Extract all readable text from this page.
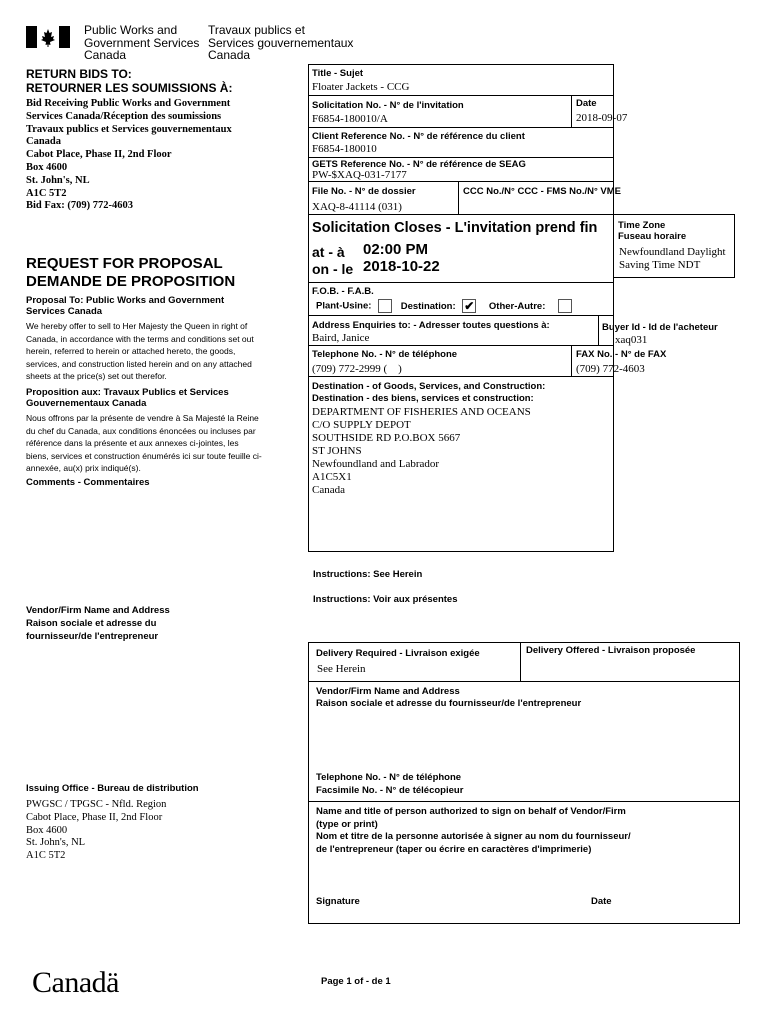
Public Works and
Government Services
Canada
Travaux publics et
Services gouvernementaux
Canada
RETURN BIDS TO:
RETOURNER LES SOUMISSIONS À:
Bid Receiving Public Works and Government
Services Canada/Réception des soumissions
Travaux publics et Services gouvernementaux
Canada
Cabot Place, Phase II, 2nd Floor
Box 4600
St. John's, NL
A1C 5T2
Bid Fax: (709) 772-4603
REQUEST FOR PROPOSAL
DEMANDE DE PROPOSITION
Proposal To: Public Works and Government
Services Canada
We hereby offer to sell to Her Majesty the Queen in right of Canada, in accordance with the terms and conditions set out herein, referred to herein or attached hereto, the goods, services, and construction listed herein and on any attached sheets at the price(s) set out therefor.
Proposition aux: Travaux Publics et Services
Gouvernementaux Canada
Nous offrons par la présente de vendre à Sa Majesté la Reine du chef du Canada, aux conditions énoncées ou incluses par référence dans la présente et aux annexes ci-jointes, les biens, services et construction énumérés ici sur toute feuille ci-annexée, au(x) prix indiqué(s).
Comments - Commentaires
Vendor/Firm Name and Address
Raison sociale et adresse du
fournisseur/de l'entrepreneur
Issuing Office - Bureau de distribution
PWGSC / TPGSC - Nfld. Region
Cabot Place, Phase II, 2nd Floor
Box 4600
St. John's, NL
A1C 5T2
Title - Sujet
Floater Jackets - CCG
Solicitation No. - N° de l'invitation
F6854-180010/A
Date
2018-09-07
Client Reference No. - N° de référence du client
F6854-180010
GETS Reference No. - N° de référence de SEAG
PW-$XAQ-031-7177
File No. - N° de dossier
XAQ-8-41114 (031)
CCC No./N° CCC - FMS No./N° VME
Solicitation Closes - L'invitation prend fin
at - à 02:00 PM
on - le 2018-10-22
Time Zone
Fuseau horaire
Newfoundland Daylight
Saving Time NDT
F.O.B. - F.A.B.
Plant-Usine:	Destination: ✔ Other-Autre:
Address Enquiries to: - Adresser toutes questions à:
Baird, Janice
Buyer Id - Id de l'acheteur
xaq031
Telephone No. - N° de téléphone
(709) 772-2999 (    )
FAX No. - N° de FAX
(709) 772-4603
Destination - of Goods, Services, and Construction:
Destination - des biens, services et construction:
DEPARTMENT OF FISHERIES AND OCEANS
C/O SUPPLY DEPOT
SOUTHSIDE RD P.O.BOX 5667
ST JOHNS
Newfoundland and Labrador
A1C5X1
Canada
Instructions: See Herein
Instructions: Voir aux présentes
Delivery Required - Livraison exigée
See Herein
Delivery Offered - Livraison proposée
Vendor/Firm Name and Address
Raison sociale et adresse du fournisseur/de l'entrepreneur
Telephone No. - N° de téléphone
Facsimile No. - N° de télécopieur
Name and title of person authorized to sign on behalf of Vendor/Firm
(type or print)
Nom et titre de la personne autorisée à signer au nom du fournisseur/
de l'entrepreneur (taper ou écrire en caractères d'imprimerie)
Signature	Date
Canadä	Page 1 of - de 1
